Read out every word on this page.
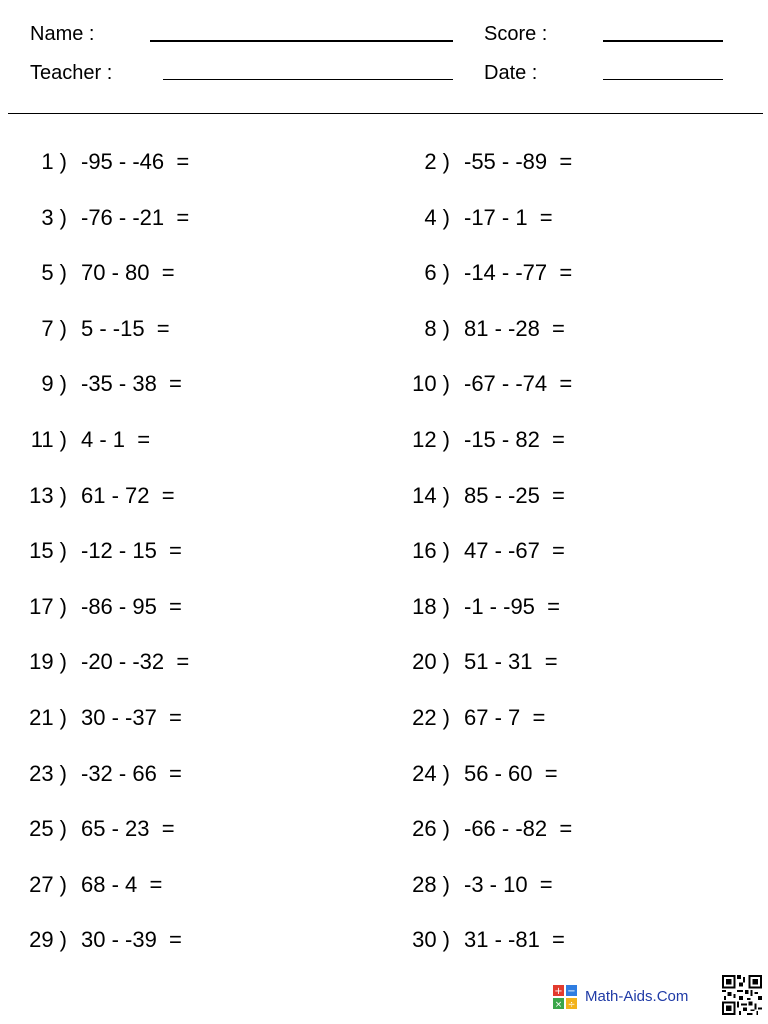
Name :	Score :
Teacher :	Date :
1 ) -95 - -46  =	2 ) -55 - -89  =
3 ) -76 - -21  =	4 ) -17 - 1  =
5 ) 70 - 80  =	6 ) -14 - -77  =
7 ) 5 - -15  =	8 ) 81 - -28  =
9 ) -35 - 38  =	10 ) -67 - -74  =
11 ) 4 - 1  =	12 ) -15 - 82  =
13 ) 61 - 72  =	14 ) 85 - -25  =
15 ) -12 - 15  =	16 ) 47 - -67  =
17 ) -86 - 95  =	18 ) -1 - -95  =
19 ) -20 - -32  =	20 ) 51 - 31  =
21 ) 30 - -37  =	22 ) 67 - 7  =
23 ) -32 - 66  =	24 ) 56 - 60  =
25 ) 65 - 23  =	26 ) -66 - -82  =
27 ) 68 - 4  =	28 ) -3 - 10  =
29 ) 30 - -39  =	30 ) 31 - -81  =
+ −
× ÷ Math-Aids.Com
